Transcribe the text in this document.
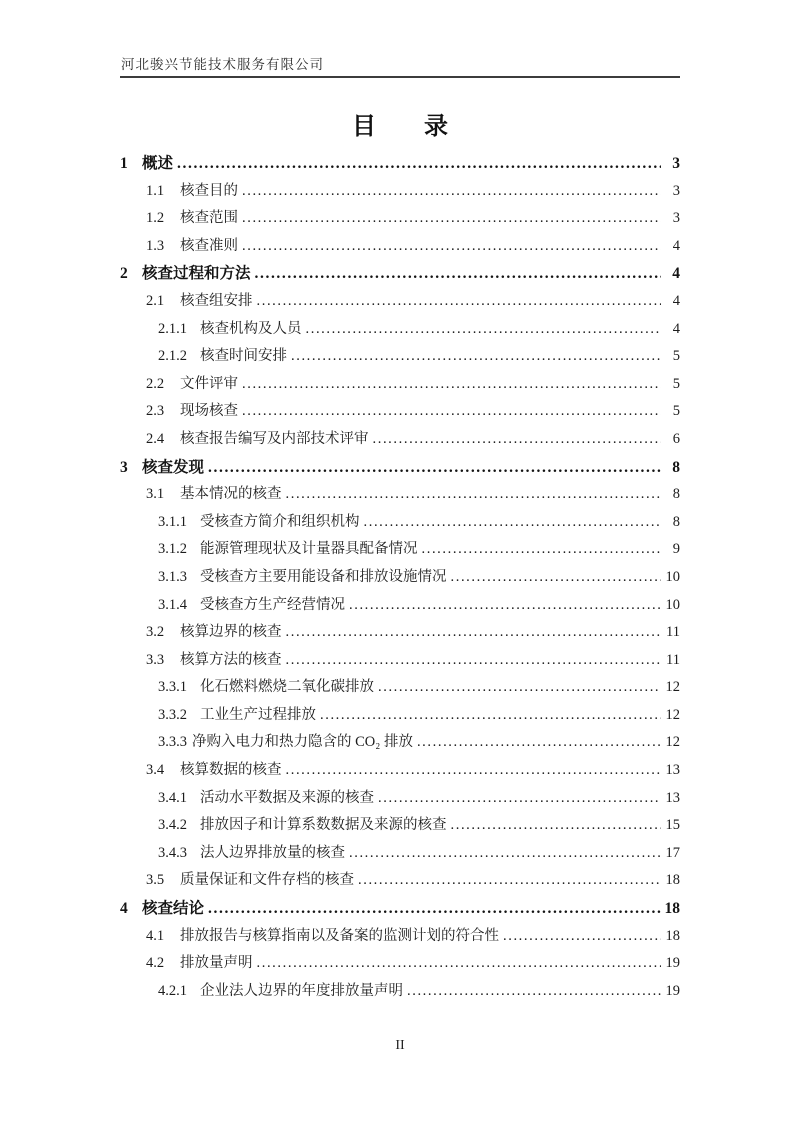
河北骏兴节能技术服务有限公司
目　　录
1 概述 .....	3
1.1	核查目的 .....	3
1.2	核查范围 .....	3
1.3	核查准则 .....	4
2 核查过程和方法 .....	4
2.1	核查组安排 .....	4
2.1.1 核查机构及人员 .....	4
2.1.2 核查时间安排 .....	5
2.2	文件评审 .....	5
2.3	现场核查 .....	5
2.4	核查报告编写及内部技术评审 .....	6
3 核查发现 .....	8
3.1	基本情况的核查 .....	8
3.1.1 受核查方简介和组织机构 .....	8
3.1.2 能源管理现状及计量器具配备情况 .....	9
3.1.3 受核查方主要用能设备和排放设施情况 .....	10
3.1.4 受核查方生产经营情况 .....	10
3.2	核算边界的核查 .....	11
3.3	核算方法的核查 .....	11
3.3.1 化石燃料燃烧二氧化碳排放 .....	12
3.3.2 工业生产过程排放 .....	12
3.3.3 净购入电力和热力隐含的 CO₂ 排放 .....	12
3.4	核算数据的核查 .....	13
3.4.1 活动水平数据及来源的核查 .....	13
3.4.2 排放因子和计算系数数据及来源的核查 .....	15
3.4.3 法人边界排放量的核查 .....	17
3.5	质量保证和文件存档的核查 .....	18
4 核查结论 .....	18
4.1	排放报告与核算指南以及备案的监测计划的符合性 .....	18
4.2	排放量声明 .....	19
4.2.1 企业法人边界的年度排放量声明 .....	19
II
